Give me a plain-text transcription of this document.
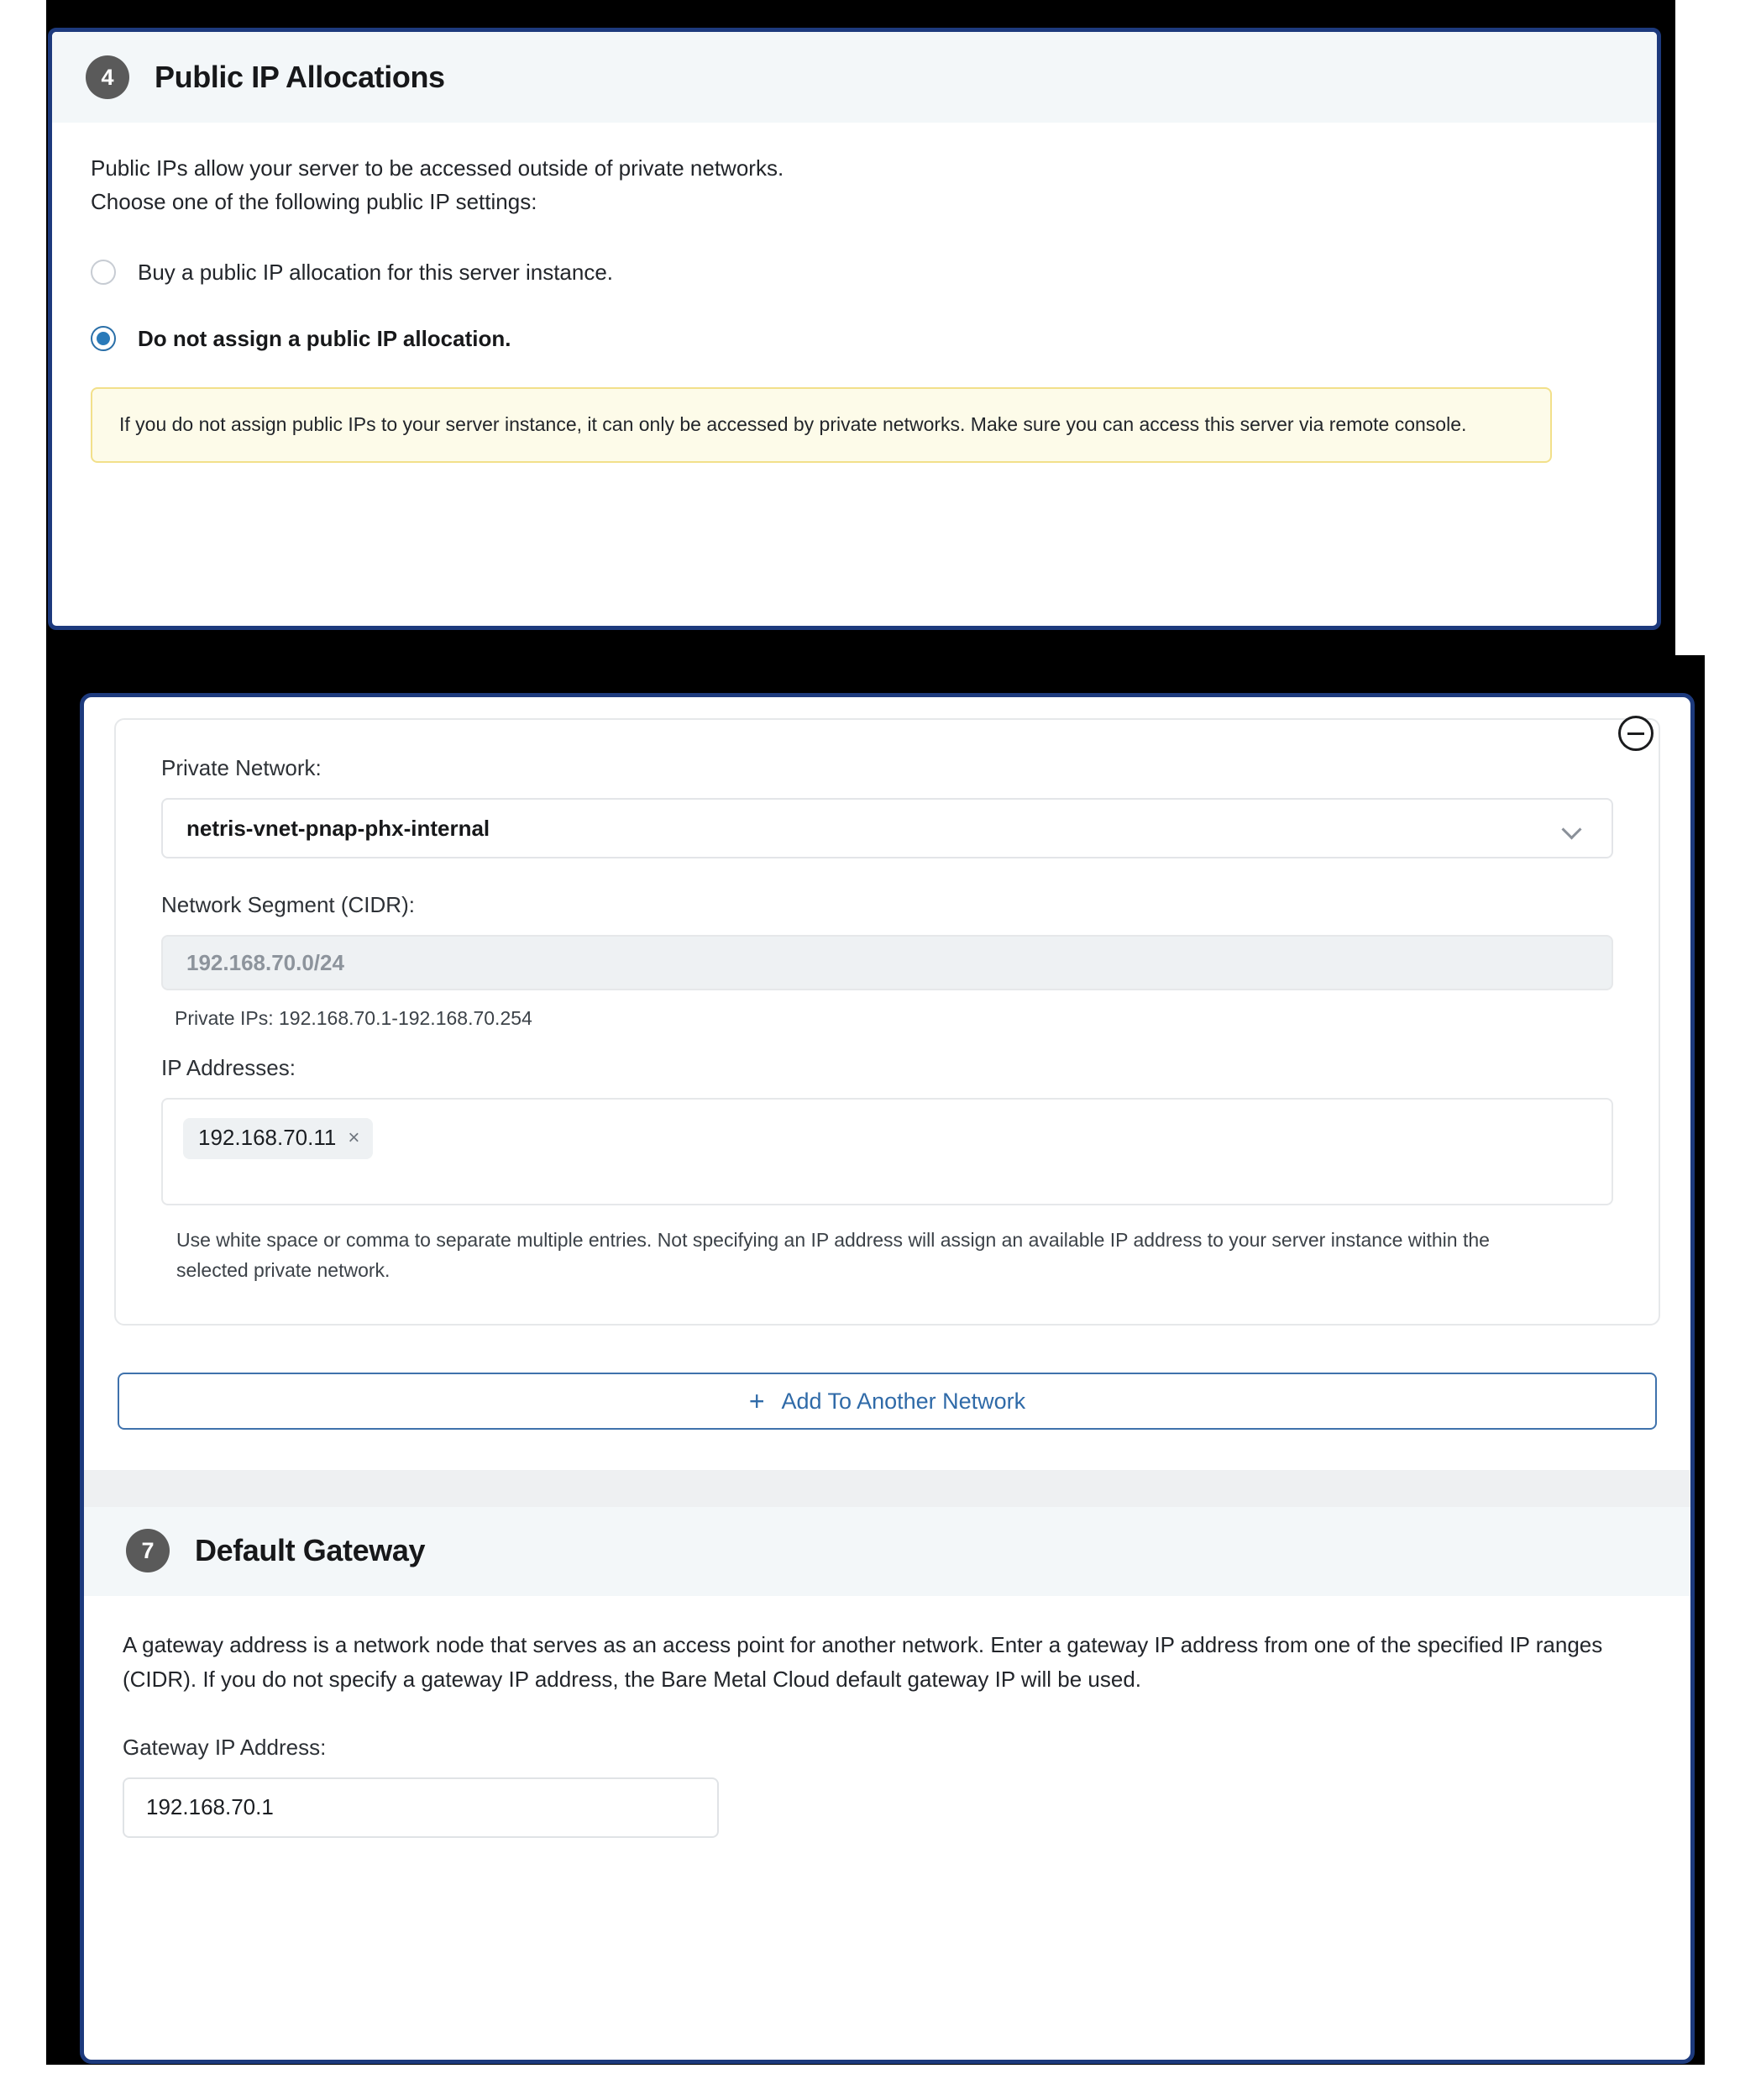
4	Public IP Allocations
Public IPs allow your server to be accessed outside of private networks.
Choose one of the following public IP settings:
Buy a public IP allocation for this server instance.
Do not assign a public IP allocation.
If you do not assign public IPs to your server instance, it can only be accessed by private networks. Make sure you can access this server via remote console.
Private Network:
netris-vnet-pnap-phx-internal
Network Segment (CIDR):
192.168.70.0/24
Private IPs: 192.168.70.1-192.168.70.254
IP Addresses:
192.168.70.11 ×
Use white space or comma to separate multiple entries. Not specifying an IP address will assign an available IP address to your server instance within the selected private network.
+ Add To Another Network
7	Default Gateway
A gateway address is a network node that serves as an access point for another network. Enter a gateway IP address from one of the specified IP ranges (CIDR). If you do not specify a gateway IP address, the Bare Metal Cloud default gateway IP will be used.
Gateway IP Address:
192.168.70.1
